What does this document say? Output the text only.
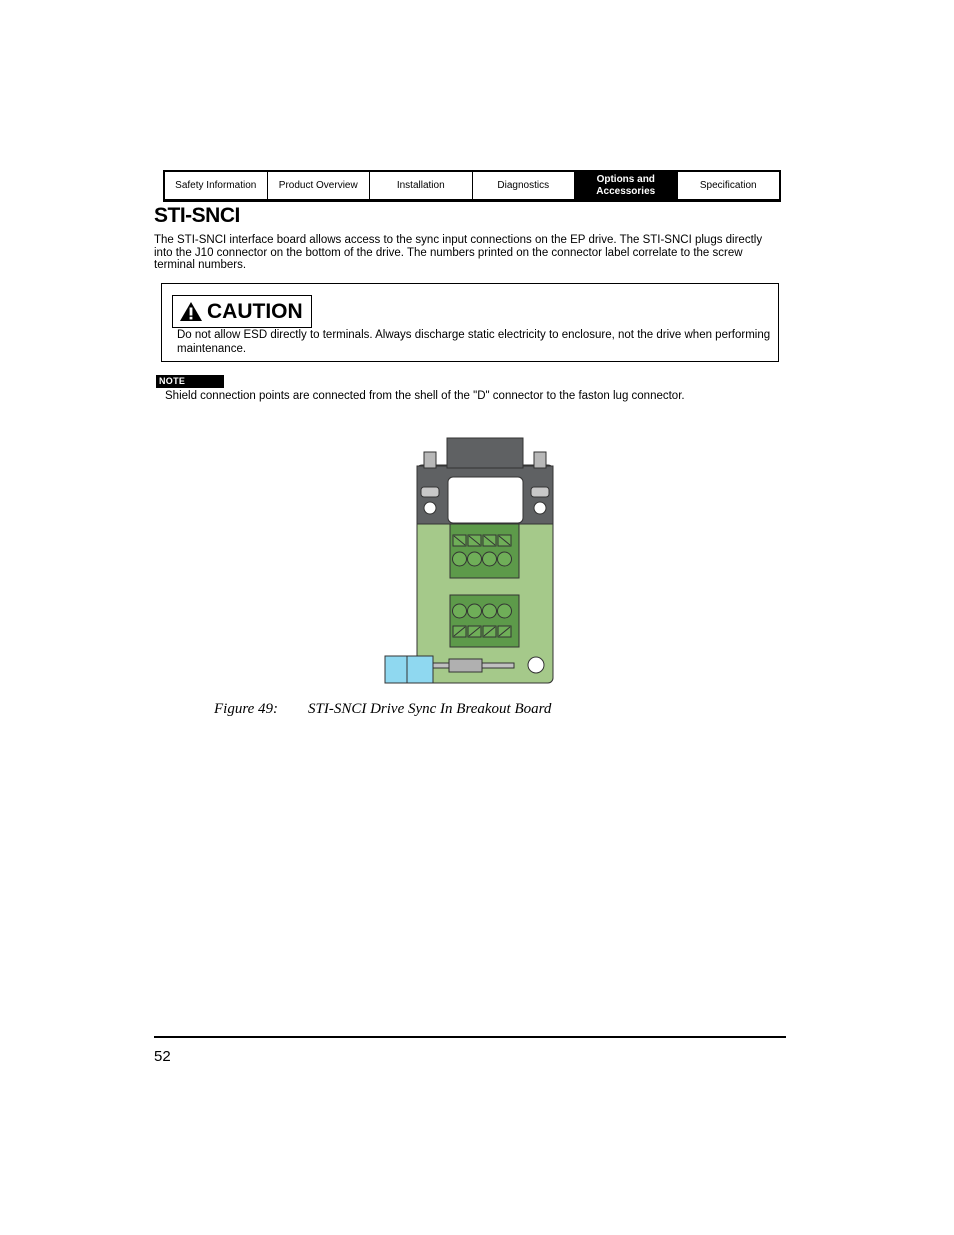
Safety Information	Product Overview	Installation	Diagnostics
Options and Accessories
Specification
STI-SNCI

The STI-SNCI interface board allows access to the sync input connections on the EP drive. The STI-SNCI plugs directly into the J10 connector on the bottom of the drive. The numbers printed on the connector label correlate to the screw terminal numbers.

CAUTION

Do not allow ESD directly to terminals. Always discharge static electricity to enclosure, not the drive when performing maintenance.

NOTE

Shield connection points are connected from the shell of the "D" connector to the faston lug connector.

Figure 49:	STI-SNCI Drive Sync In Breakout Board

52
